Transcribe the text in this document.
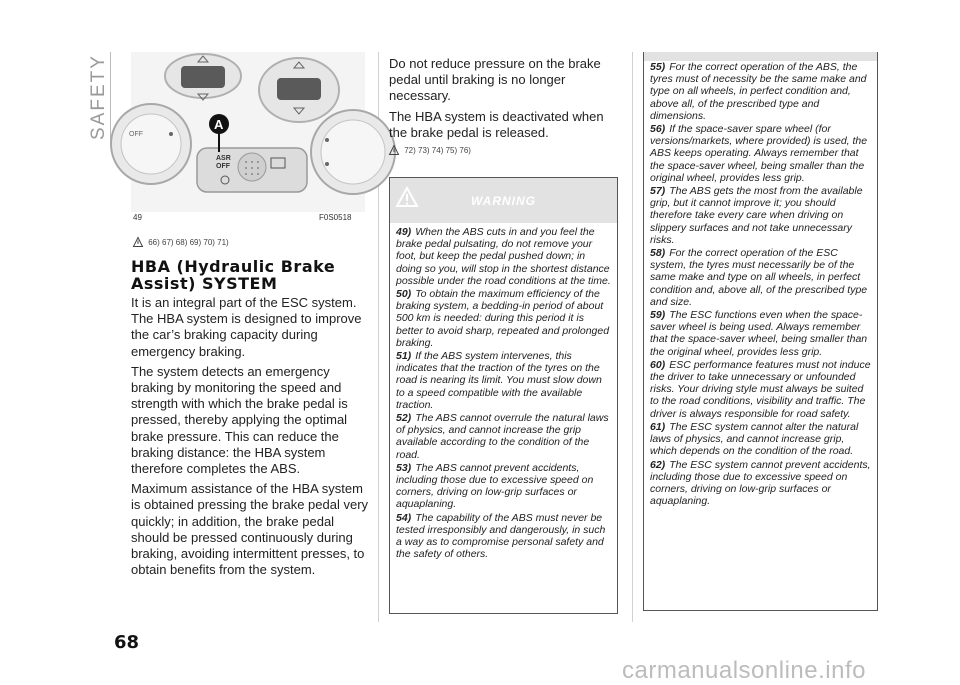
SAFETY	OFF
ASR
OFF
A
49	F0S0518
66) 67) 68) 69) 70) 71)
HBA (Hydraulic Brake Assist) SYSTEM

It is an integral part of the ESC system. The HBA system is designed to improve the car’s braking capacity during emergency braking.

The system detects an emergency braking by monitoring the speed and strength with which the brake pedal is pressed, thereby applying the optimal brake pressure. This can reduce the braking distance: the HBA system therefore completes the ABS.

Maximum assistance of the HBA system is obtained pressing the brake pedal very quickly; in addition, the brake pedal should be pressed continuously during braking, avoiding intermittent presses, to obtain benefits from the system.

Do not reduce pressure on the brake pedal until braking is no longer necessary.

The HBA system is deactivated when the brake pedal is released.

72) 73) 74) 75) 76)
WARNING

49) When the ABS cuts in and you feel the brake pedal pulsating, do not remove your foot, but keep the pedal pushed down; in doing so you, will stop in the shortest distance possible under the road conditions at the time.

50) To obtain the maximum efficiency of the braking system, a bedding-in period of about 500 km is needed: during this period it is better to avoid sharp, repeated and prolonged braking.

51) If the ABS system intervenes, this indicates that the traction of the tyres on the road is nearing its limit. You must slow down to a speed compatible with the available traction.

52) The ABS cannot overrule the natural laws of physics, and cannot increase the grip available according to the condition of the road.

53) The ABS cannot prevent accidents, including those due to excessive speed on corners, driving on low-grip surfaces or aquaplaning.

54) The capability of the ABS must never be tested irresponsibly and dangerously, in such a way as to compromise personal safety and the safety of others.

55) For the correct operation of the ABS, the tyres must of necessity be the same make and type on all wheels, in perfect condition and, above all, of the prescribed type and dimensions.

56) If the space-saver spare wheel (for versions/markets, where provided) is used, the ABS keeps operating. Always remember that the space-saver wheel, being smaller than the original wheel, provides less grip.

57) The ABS gets the most from the available grip, but it cannot improve it; you should therefore take every care when driving on slippery surfaces and not take unnecessary risks.

58) For the correct operation of the ESC system, the tyres must necessarily be of the same make and type on all wheels, in perfect condition and, above all, of the prescribed type and size.

59) The ESC functions even when the space-saver wheel is being used. Always remember that the space-saver wheel, being smaller than the original wheel, provides less grip.

60) ESC performance features must not induce the driver to take unnecessary or unfounded risks. Your driving style must always be suited to the road conditions, visibility and traffic. The driver is always responsible for road safety.

61) The ESC system cannot alter the natural laws of physics, and cannot increase grip, which depends on the condition of the road.

62) The ESC system cannot prevent accidents, including those due to excessive speed on corners, driving on low-grip surfaces or aquaplaning.

68
carmanualsonline.info
